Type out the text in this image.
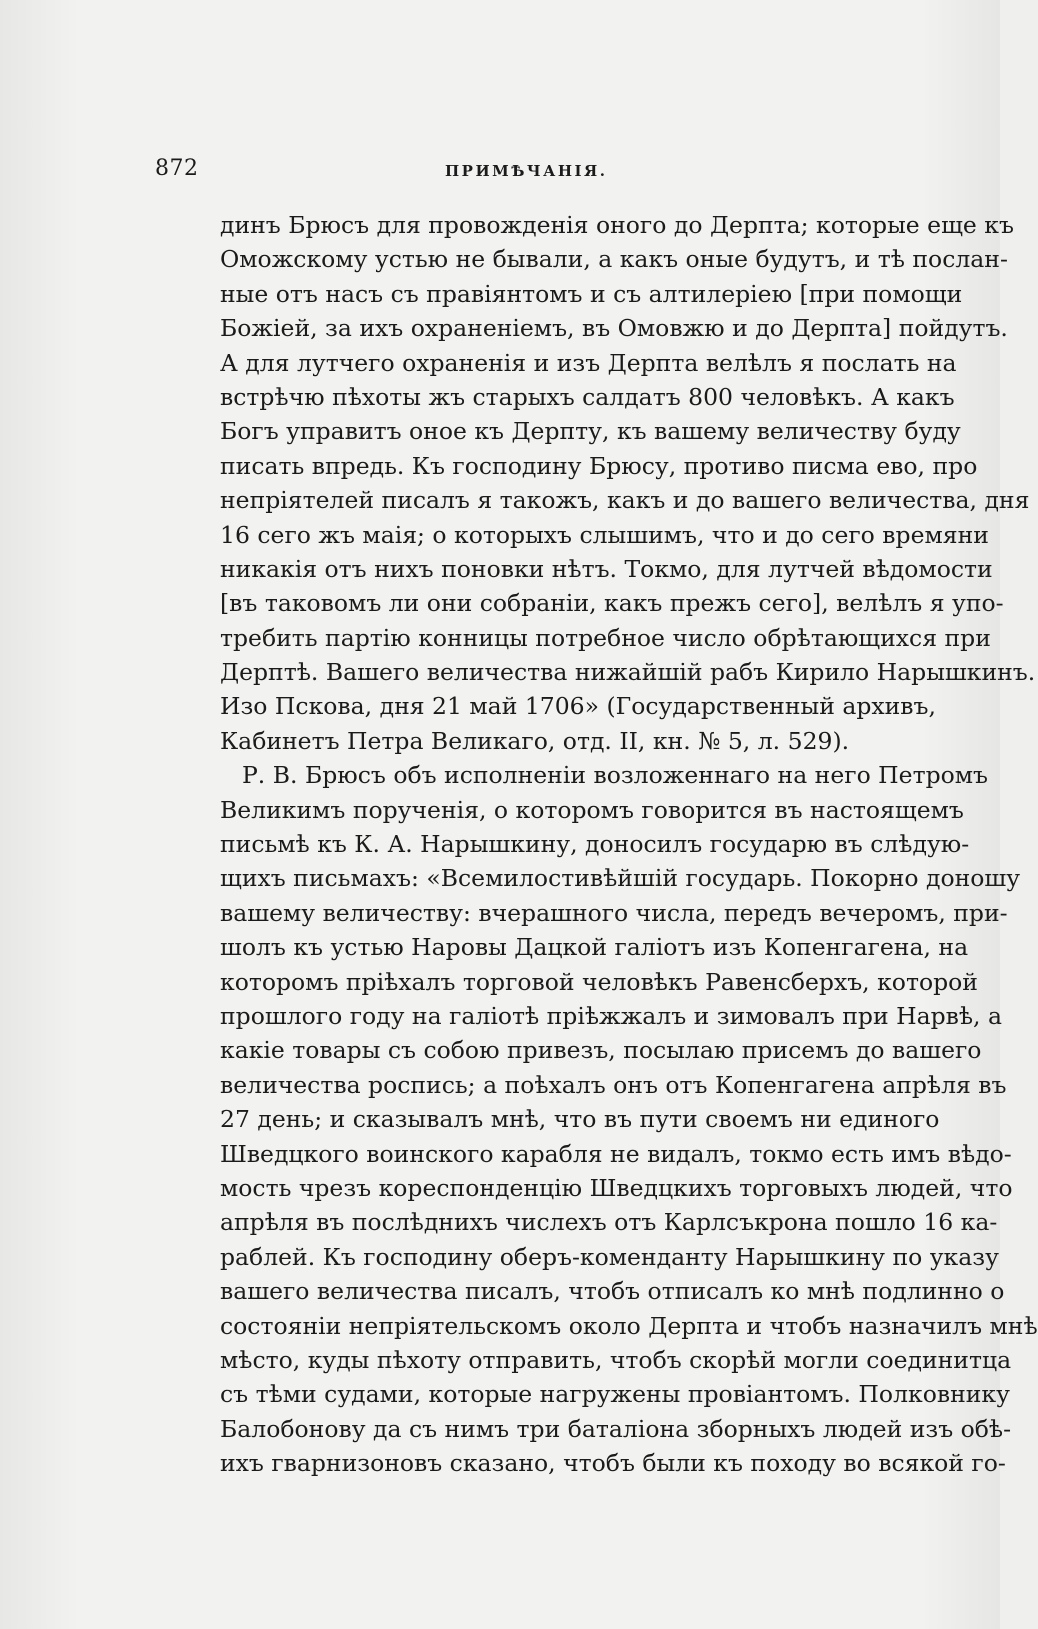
872	ПРИМѢЧАНІЯ.
динъ Брюсъ для провожденія оного до Дерпта; которые еще къ
Оможскому устью не бывали, а какъ оные будутъ, и тѣ послан-
ные отъ насъ съ правіянтомъ и съ алтилеріею [при помощи
Божіей, за ихъ охраненіемъ, въ Омовжю и до Дерпта] пойдутъ.
А для лутчего охраненія и изъ Дерпта велѣлъ я послать на
встрѣчю пѣхоты жъ старыхъ салдатъ 800 человѣкъ. А какъ
Богъ управитъ оное къ Дерпту, къ вашему величеству буду
писать впредь. Къ господину Брюсу, противо писма ево, про
непріятелей писалъ я такожъ, какъ и до вашего величества, дня
16 сего жъ маія; о которыхъ слышимъ, что и до сего времяни
никакія отъ нихъ поновки нѣтъ. Токмо, для лутчей вѣдомости
[въ таковомъ ли они собраніи, какъ прежъ сего], велѣлъ я упо-
требить партію конницы потребное число обрѣтающихся при
Дерптѣ. Вашего величества нижайшій рабъ Кирило Нарышкинъ.
Изо Пскова, дня 21 май 1706» (Государственный архивъ,
Кабинетъ Петра Великаго, отд. II, кн. № 5, л. 529).
Р. В. Брюсъ объ исполненіи возложеннаго на него Петромъ
Великимъ порученія, о которомъ говорится въ настоящемъ
письмѣ къ К. А. Нарышкину, доносилъ государю въ слѣдую-
щихъ письмахъ: «Всемилостивѣйшій государь. Покорно доношу
вашему величеству: вчерашного числа, передъ вечеромъ, при-
шолъ къ устью Наровы Дацкой галіотъ изъ Копенгагена, на
которомъ пріѣхалъ торговой человѣкъ Равенсберхъ, которой
прошлого году на галіотѣ пріѣжжалъ и зимовалъ при Нарвѣ, а
какіе товары съ собою привезъ, посылаю присемъ до вашего
величества роспись; а поѣхалъ онъ отъ Копенгагена апрѣля въ
27 день; и сказывалъ мнѣ, что въ пути своемъ ни единого
Шведцкого воинского карабля не видалъ, токмо есть имъ вѣдо-
мость чрезъ кореспонденцію Шведцкихъ торговыхъ людей, что
апрѣля въ послѣднихъ числехъ отъ Карлсъкрона пошло 16 ка-
раблей. Къ господину оберъ-коменданту Нарышкину по указу
вашего величества писалъ, чтобъ отписалъ ко мнѣ подлинно о
состояніи непріятельскомъ около Дерпта и чтобъ назначилъ мнѣ
мѣсто, куды пѣхоту отправить, чтобъ скорѣй могли соединитца
съ тѣми судами, которые нагружены провіантомъ. Полковнику
Балобонову да съ нимъ три баталіона зборныхъ людей изъ обѣ-
ихъ гварнизоновъ сказано, чтобъ были къ походу во всякой го-
